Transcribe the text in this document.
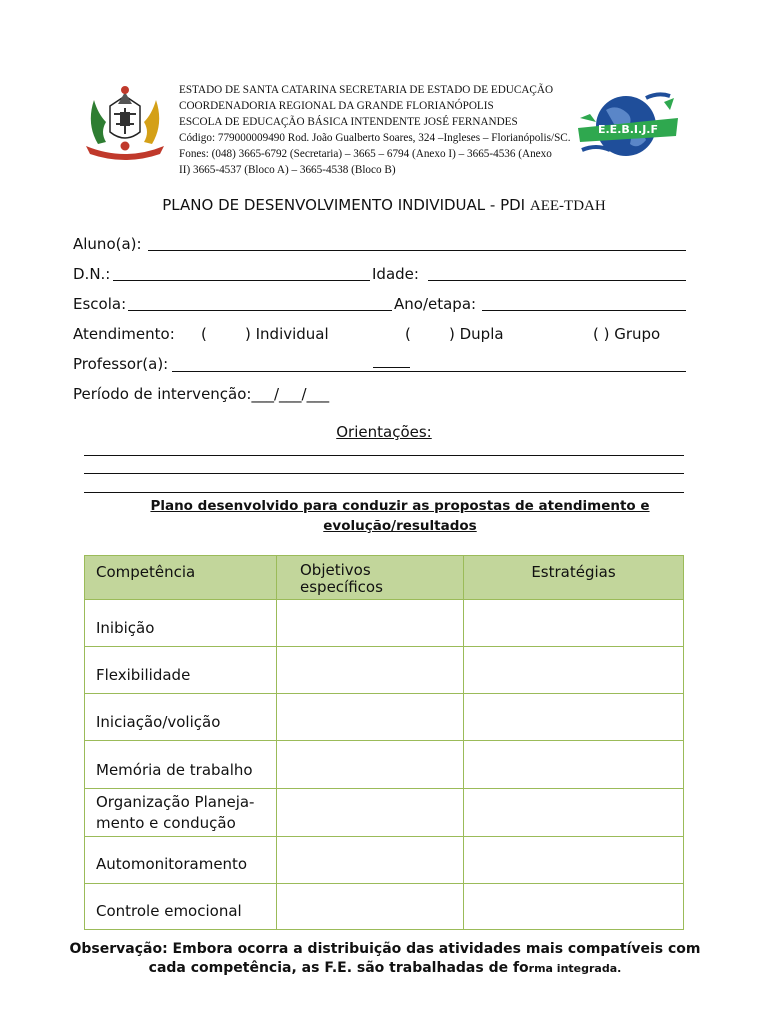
ESTADO DE SANTA CATARINA SECRETARIA DE ESTADO DE EDUCAÇÃO
COORDENADORIA REGIONAL DA GRANDE FLORIANÓPOLIS
ESCOLA DE EDUCAÇÃO BÁSICA INTENDENTE JOSÉ FERNANDES
Código: 779000009490 Rod. João Gualberto Soares, 324 –Ingleses – Florianópolis/SC.
Fones: (048) 3665-6792 (Secretaria) – 3665 – 6794 (Anexo I) – 3665-4536 (Anexo
II) 3665-4537 (Bloco A) – 3665-4538 (Bloco B)
E.E.B.I.J.F
PLANO DE DESENVOLVIMENTO INDIVIDUAL - PDI AEE-TDAH
Aluno(a):
D.N.:	Idade:
Escola:	Ano/etapa:
Atendimento: (        ) Individual	(        ) Dupla	( ) Grupo
Professor(a):
Período de intervenção:___/___/___
Orientações:
Plano desenvolvido para conduzir as propostas de atendimento e
evolução/resultados
Competência	Objetivos específicos	Estratégias
Inibição		
Flexibilidade		
Iniciação/volição		
Memória de trabalho		

Organização Planeja-mento e condução		

Automonitoramento		
Controle emocional		
Observação: Embora ocorra a distribuição das atividades mais compatíveis com cada competência, as F.E. são trabalhadas de forma integrada.
